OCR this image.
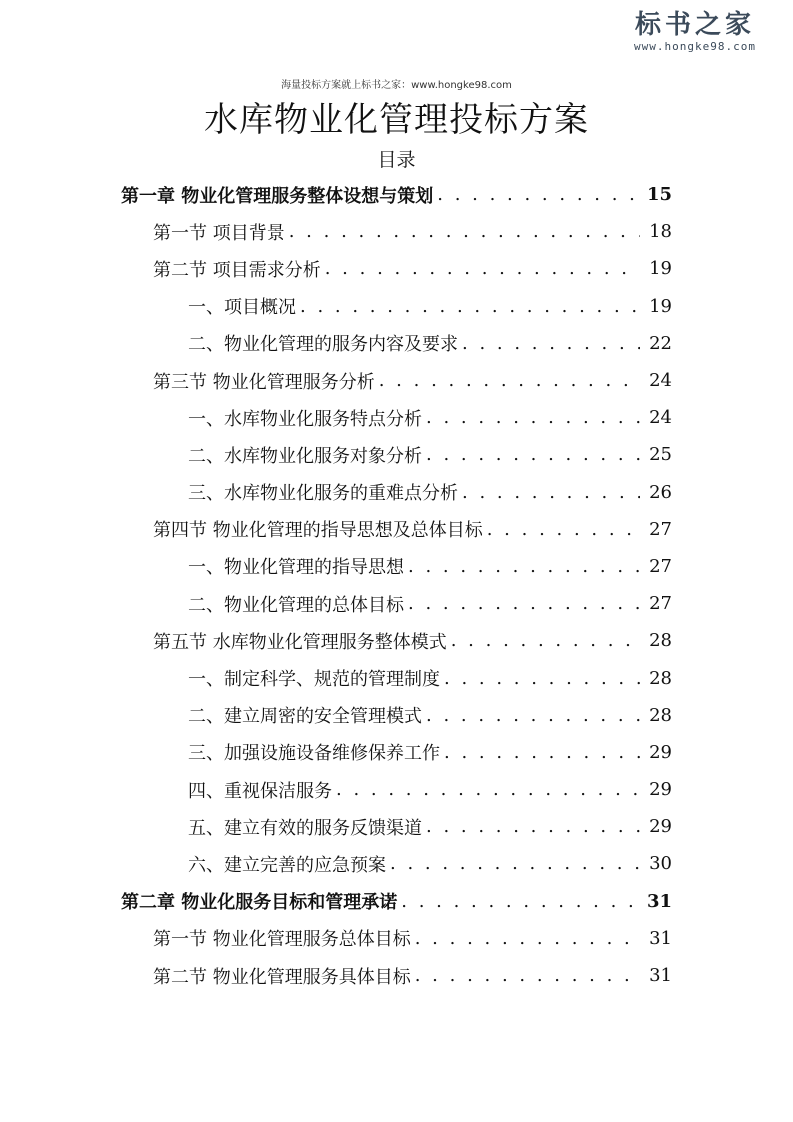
标书之家
www.hongke98.com
海量投标方案就上标书之家：www.hongke98.com
水库物业化管理投标方案
目录
第一章 物业化管理服务整体设想与策划 . . .	15
第一节 项目背景 . . .	18
第二节 项目需求分析 . . .	19
一、项目概况 . . .	19
二、物业化管理的服务内容及要求 . . .	22
第三节 物业化管理服务分析 . . .	24
一、水库物业化服务特点分析 . . .	24
二、水库物业化服务对象分析 . . .	25
三、水库物业化服务的重难点分析 . . .	26
第四节 物业化管理的指导思想及总体目标 . . .	27
一、物业化管理的指导思想 . . .	27
二、物业化管理的总体目标 . . .	27
第五节 水库物业化管理服务整体模式 . . .	28
一、制定科学、规范的管理制度 . . .	28
二、建立周密的安全管理模式 . . .	28
三、加强设施设备维修保养工作 . . .	29
四、重视保洁服务 . . .	29
五、建立有效的服务反馈渠道 . . .	29
六、建立完善的应急预案 . . .	30
第二章 物业化服务目标和管理承诺 . . .	31
第一节 物业化管理服务总体目标 . . .	31
第二节 物业化管理服务具体目标 . . .	31
